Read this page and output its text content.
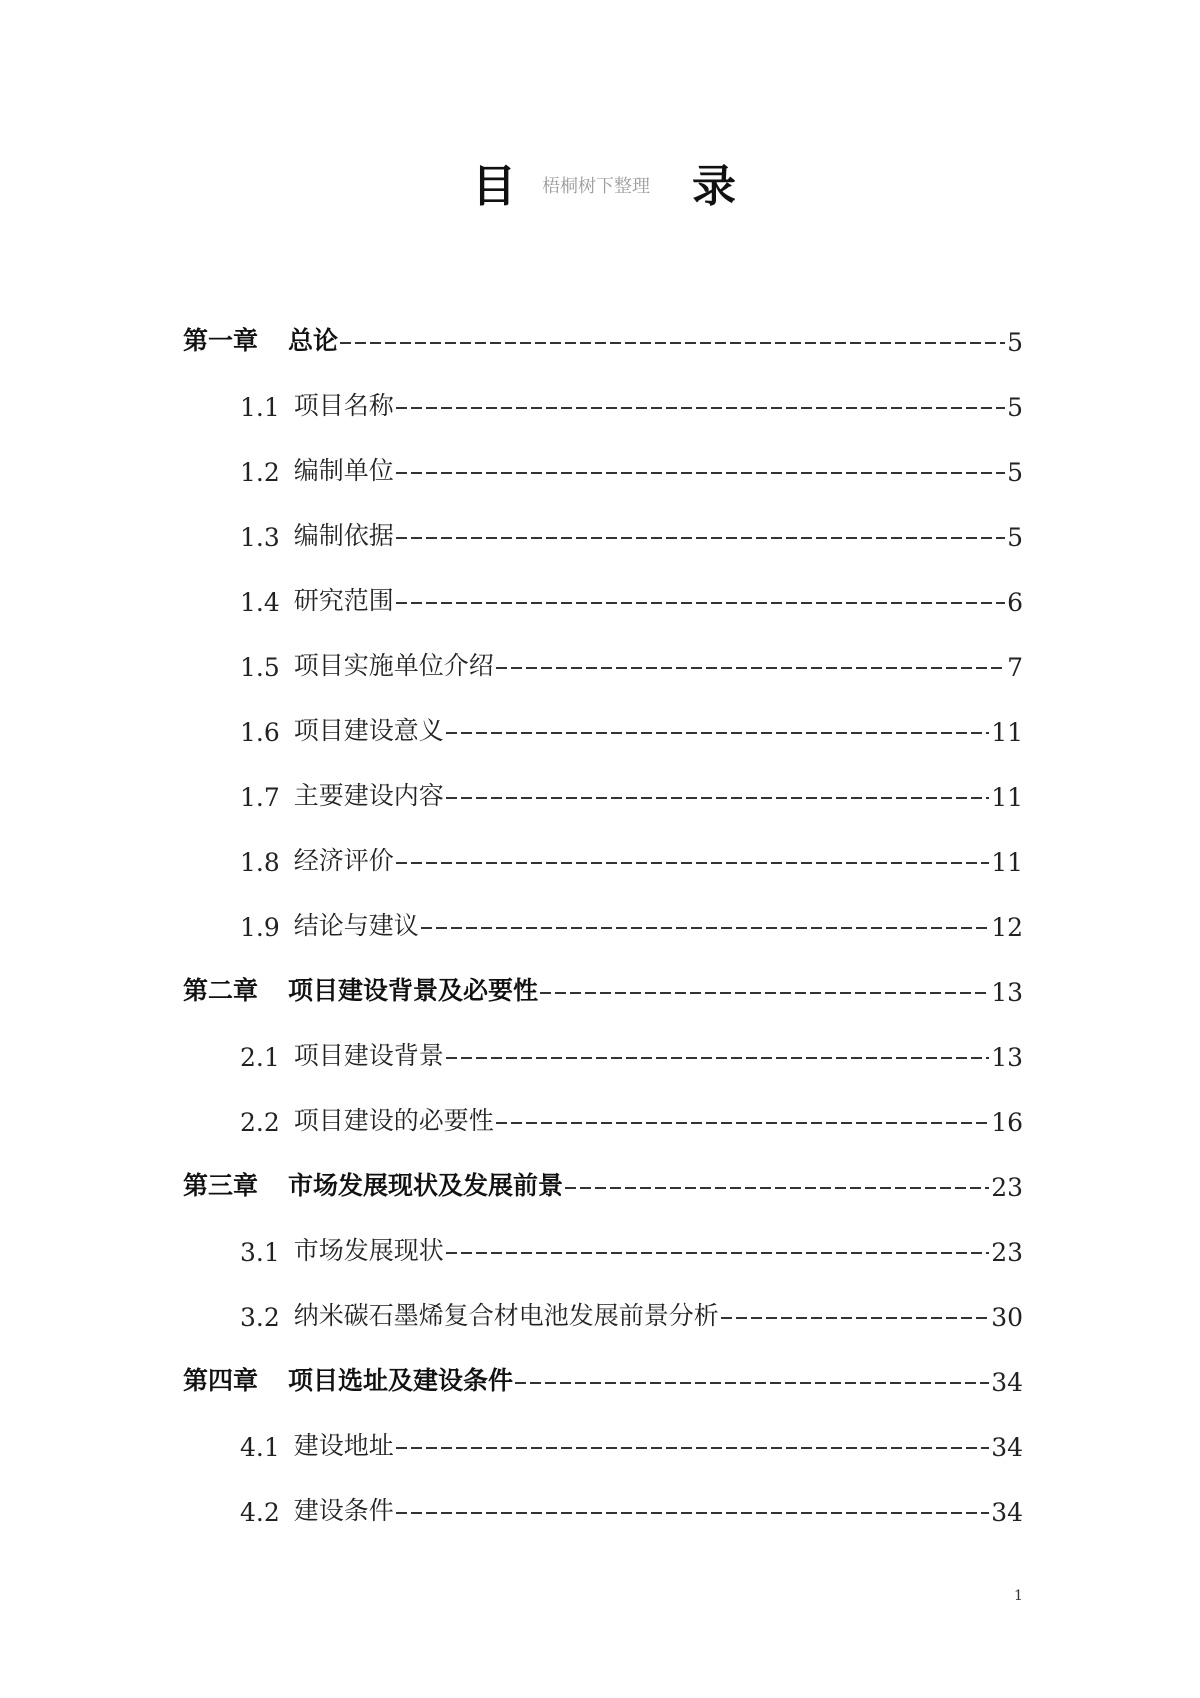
目 梧桐树下整理 录
第一章 总论	5
1.1 项目名称	5
1.2 编制单位	5
1.3 编制依据	5
1.4 研究范围	6
1.5 项目实施单位介绍	7
1.6 项目建设意义	11
1.7 主要建设内容	11
1.8 经济评价	11
1.9 结论与建议	12
第二章 项目建设背景及必要性	13
2.1 项目建设背景	13
2.2 项目建设的必要性	16
第三章 市场发展现状及发展前景	23
3.1 市场发展现状	23
3.2 纳米碳石墨烯复合材电池发展前景分析	30
第四章 项目选址及建设条件	34
4.1 建设地址	34
4.2 建设条件	34
1
